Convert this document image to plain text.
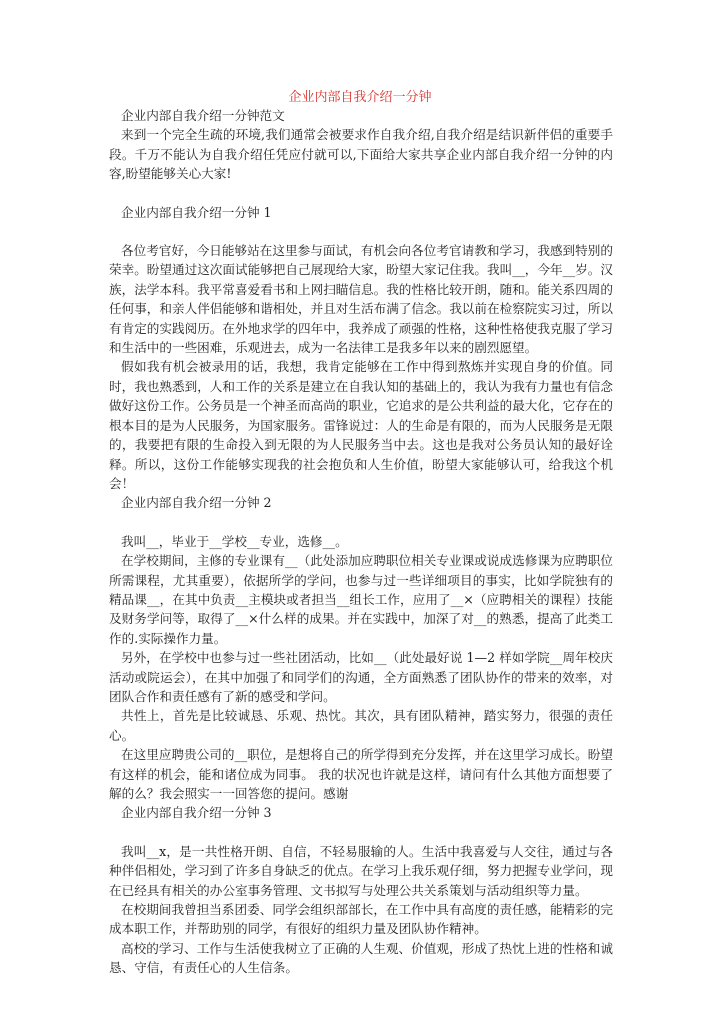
企业内部自我介绍一分钟

企业内部自我介绍一分钟范文

来到一个完全生疏的环境,我们通常会被要求作自我介绍,自我介绍是结识新伴侣的重要手段。千万不能认为自我介绍任凭应付就可以,下面给大家共享企业内部自我介绍一分钟的内容,盼望能够关心大家!

企业内部自我介绍一分钟 1

各位考官好，今日能够站在这里参与面试，有机会向各位考官请教和学习，我感到特别的荣幸。盼望通过这次面试能够把自己展现给大家，盼望大家记住我。我叫__，今年__岁。汉族，法学本科。我平常喜爱看书和上网扫瞄信息。我的性格比较开朗，随和。能关系四周的任何事，和亲人伴侣能够和谐相处，并且对生活布满了信念。我以前在检察院实习过，所以有肯定的实践阅历。在外地求学的四年中，我养成了顽强的性格，这种性格使我克服了学习和生活中的一些困难，乐观进去，成为一名法律工是我多年以来的剧烈愿望。

假如我有机会被录用的话，我想，我肯定能够在工作中得到熬炼并实现自身的价值。同时，我也熟悉到，人和工作的关系是建立在自我认知的基础上的，我认为我有力量也有信念做好这份工作。公务员是一个神圣而高尚的职业，它追求的是公共利益的最大化，它存在的根本目的是为人民服务，为国家服务。雷锋说过：人的生命是有限的，而为人民服务是无限的，我要把有限的生命投入到无限的为人民服务当中去。这也是我对公务员认知的最好诠释。所以，这份工作能够实现我的社会抱负和人生价值，盼望大家能够认可，给我这个机会！

企业内部自我介绍一分钟 2

我叫__，毕业于__学校__专业，选修__。

在学校期间，主修的专业课有__（此处添加应聘职位相关专业课或说成选修课为应聘职位所需课程，尤其重要），依据所学的学问，也参与过一些详细项目的事实，比如学院独有的精品课__，在其中负责__主模块或者担当__组长工作，应用了__×（应聘相关的课程）技能及财务学问等，取得了__×什么样的成果。并在实践中，加深了对__的熟悉，提高了此类工作的.实际操作力量。

另外，在学校中也参与过一些社团活动，比如__（此处最好说 1—2 样如学院__周年校庆活动或院运会），在其中加强了和同学们的沟通，全方面熟悉了团队协作的带来的效率，对团队合作和责任感有了新的感受和学问。

共性上，首先是比较诚恳、乐观、热忱。其次，具有团队精神，踏实努力，很强的责任心。

在这里应聘贵公司的__职位，是想将自己的所学得到充分发挥，并在这里学习成长。盼望有这样的机会，能和诸位成为同事。 我的状况也许就是这样，请问有什么其他方面想要了解的么？我会照实一一回答您的提问。感谢

企业内部自我介绍一分钟 3

我叫__x，是一共性格开朗、自信，不轻易服输的人。生活中我喜爱与人交往，通过与各种伴侣相处，学习到了许多自身缺乏的优点。在学习上我乐观仔细，努力把握专业学问，现在已经具有相关的办公室事务管理、文书拟写与处理公共关系策划与活动组织等力量。

在校期间我曾担当系团委、同学会组织部部长，在工作中具有高度的责任感，能精彩的完成本职工作，并帮助别的同学，有很好的组织力量及团队协作精神。

高校的学习、工作与生活使我树立了正确的人生观、价值观，形成了热忱上进的性格和诚恳、守信，有责任心的人生信条。
